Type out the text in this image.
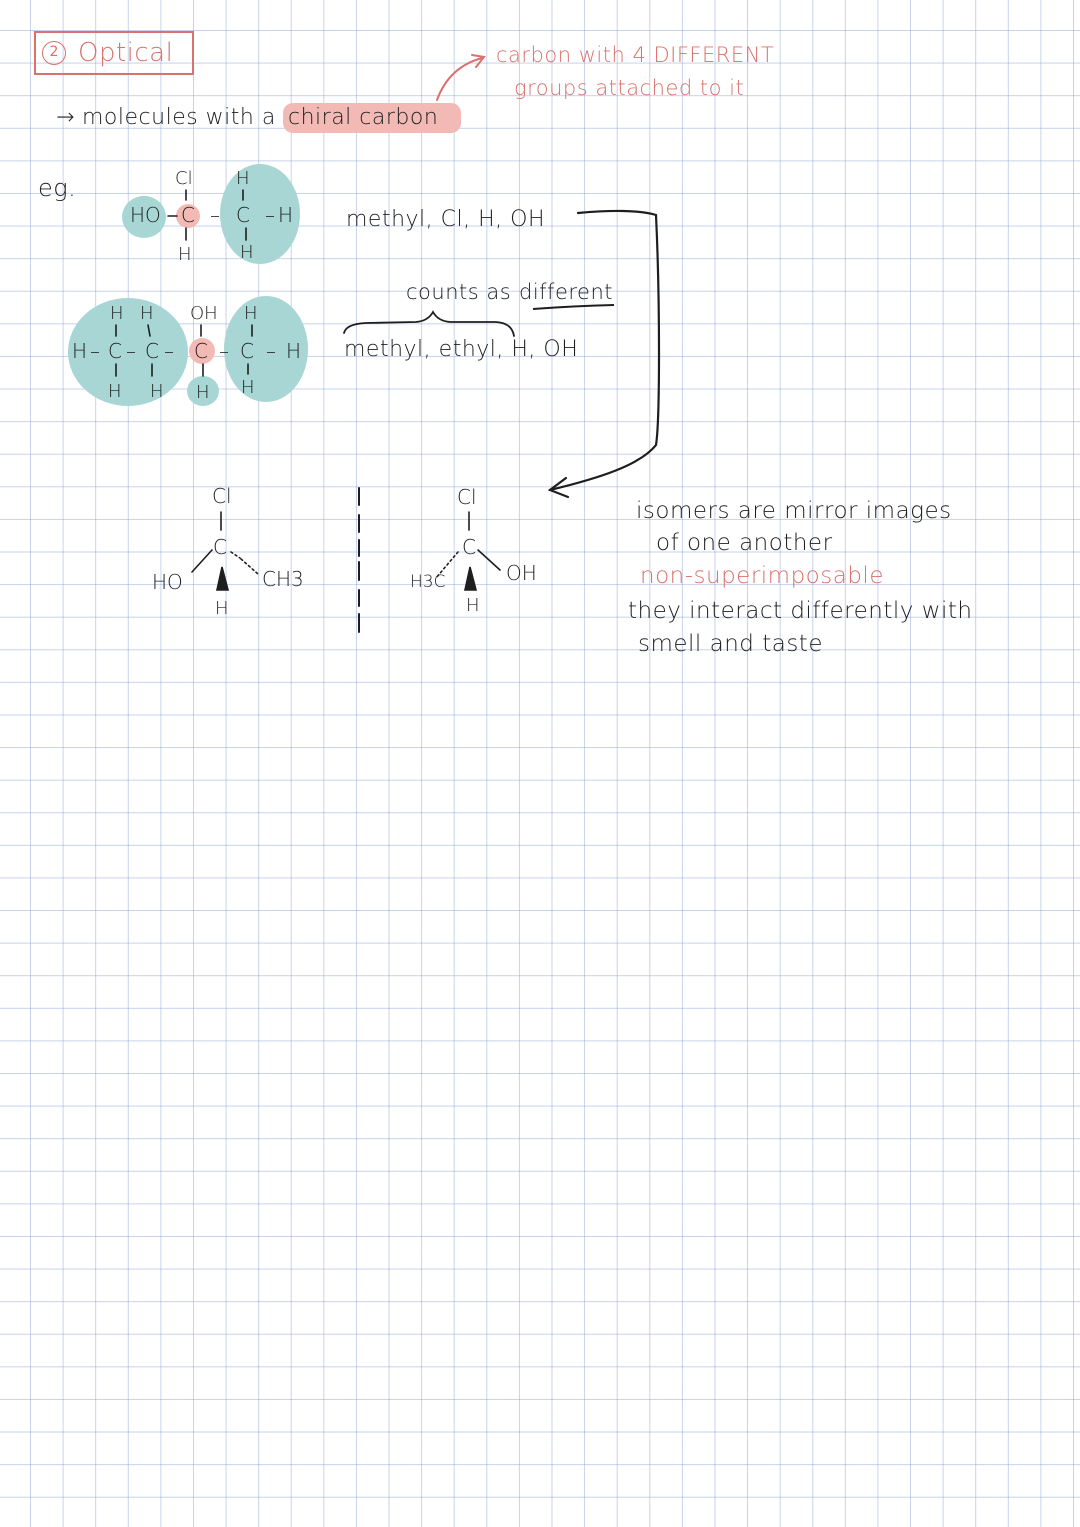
2 Optical
→ molecules with a chiral carbon
carbon with 4 DIFFERENT
groups attached to it
eg.	Cl
HO C – C – H
H
H	H
methyl, Cl, H, OH
H H OH H
H – C – C – C – C – H
H H H H
counts as different
methyl, ethyl, H, OH
Cl
C
HO	CH3
H
Cl
C
H3C	OH
H
isomers are mirror images
of one another
non-superimposable
they interact differently with
smell and taste
